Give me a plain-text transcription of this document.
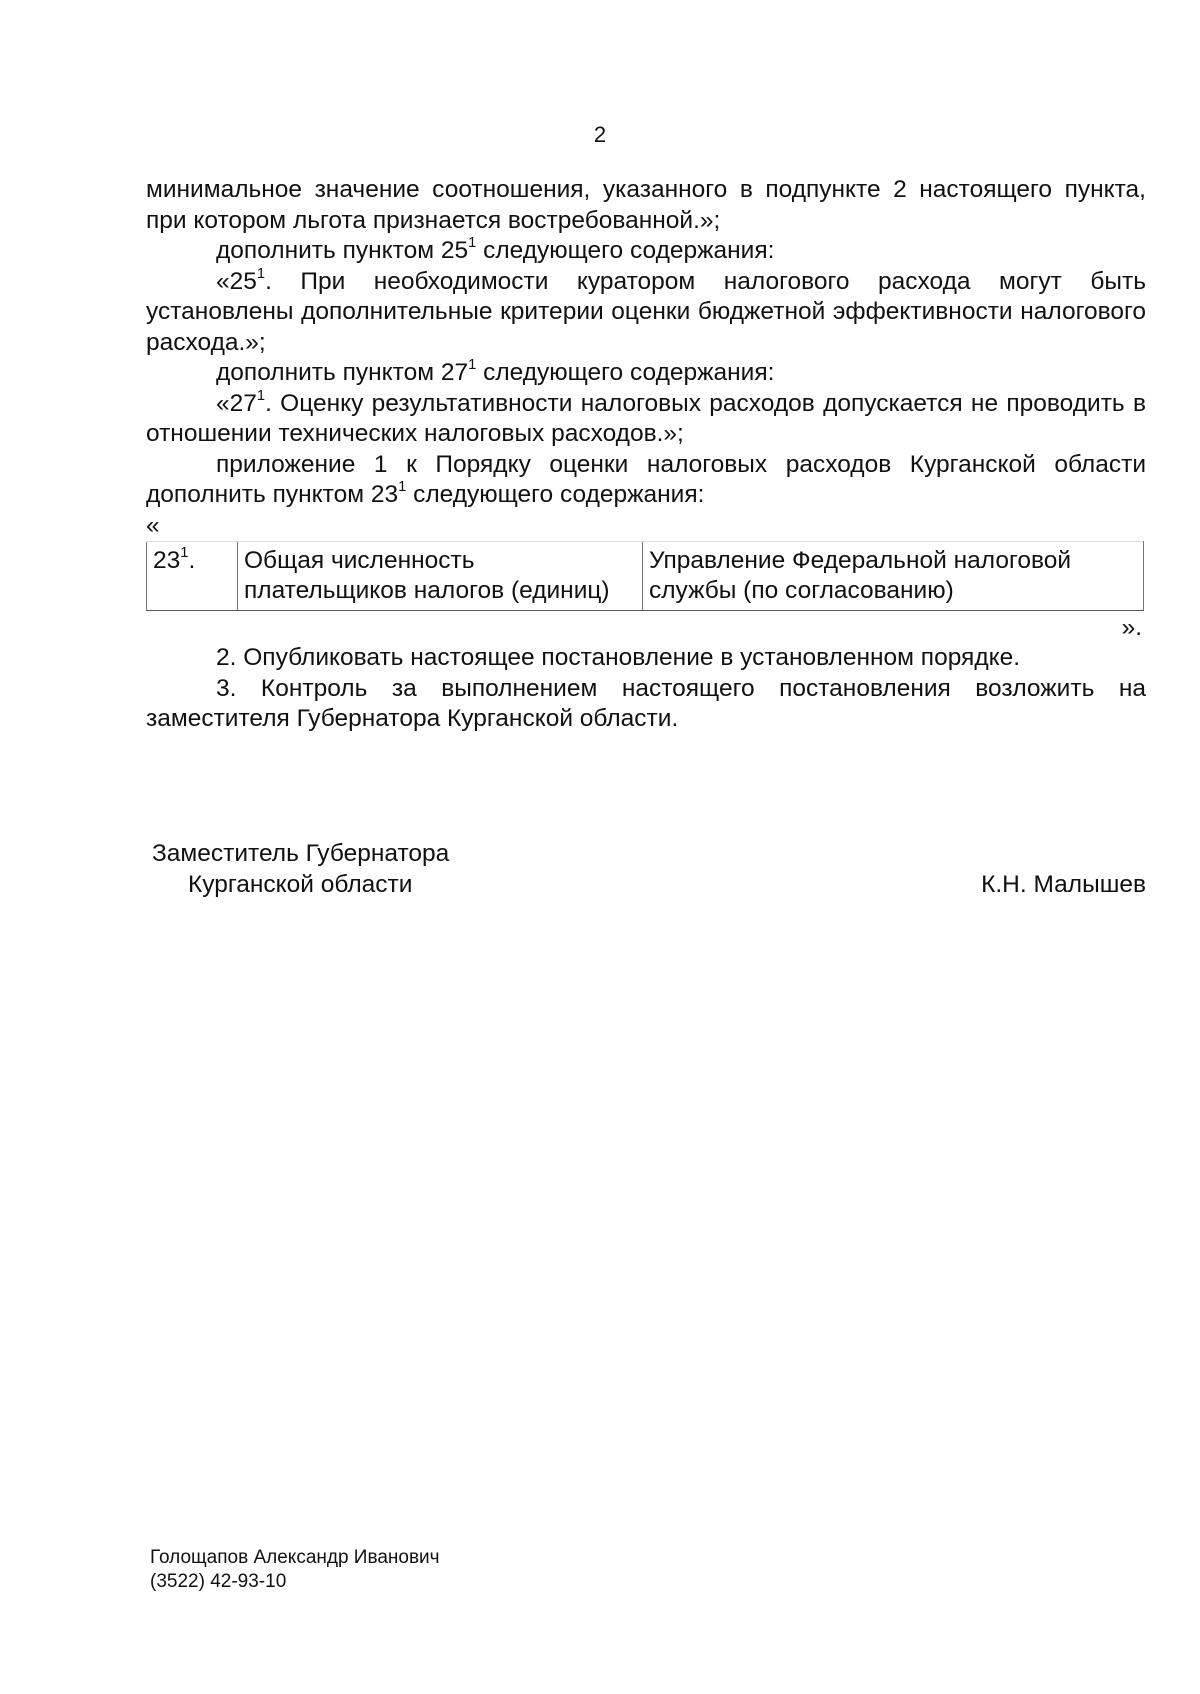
2

минимальное значение соотношения, указанного в подпункте 2 настоящего пункта, при котором льгота признается востребованной.»;

дополнить пунктом $25^1$ следующего содержания:

«$25^1$. При необходимости куратором налогового расхода могут быть установлены дополнительные критерии оценки бюджетной эффективности налогового расхода.»;

дополнить пунктом $27^1$ следующего содержания:

«$27^1$. Оценку результативности налоговых расходов допускается не проводить в отношении технических налоговых расходов.»;

приложение 1 к Порядку оценки налоговых расходов Курганской области дополнить пунктом $23^1$ следующего содержания:

«

$23^1$.	Общая численность плательщиков налогов (единиц)	Управление Федеральной налоговой службы (по согласованию)

».

2. Опубликовать настоящее постановление в установленном порядке.

3. Контроль за выполнением настоящего постановления возложить на заместителя Губернатора Курганской области.

Заместитель Губернатора

Курганской области	К.Н. Малышев
Голощапов Александр Иванович
(3522) 42-93-10
